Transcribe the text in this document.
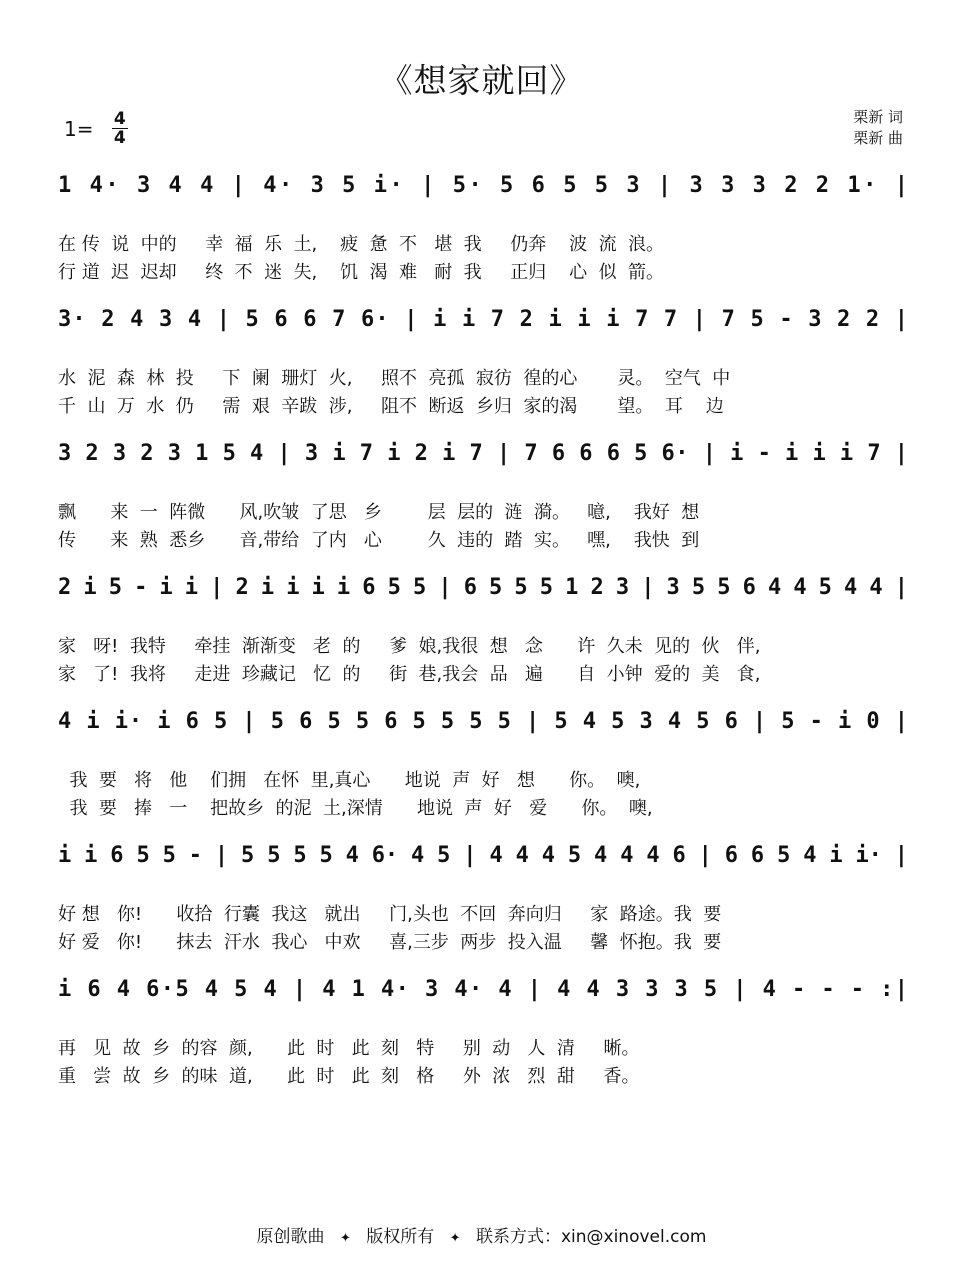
《想家就回》
$1= \frac{4}{4}$	栗新 词
栗新 曲
1 4· 3 4 4 | 4· 3 5 i· | 5· 5 6 5 5 3 | 3 3 3 2 2 1· |
在 传  说  中的     幸  福  乐  土,    疲  惫  不   堪  我     仍奔    波  流  浪。
行 道  迟  迟却     终  不  迷  失,    饥  渴  难   耐  我     正归    心  似  箭。
3· 2 4 3 4 | 5 6 6 7 6· | i i 7 2 i i i 7 7 | 7 5 - 3 2 2 |
水  泥  森  林  投     下  阑  珊灯  火,     照不  亮孤  寂彷  徨的心       灵。  空气  中
千  山  万  水  仍     需  艰  辛跋  涉,     阻不  断返  乡归  家的渴       望。  耳    边
3 2 3 2 3 1 5 4 | 3 i 7 i 2 i 7 | 7 6 6 6 5 6· | i - i i i 7 |
飘      来  一  阵微      风,吹皱  了思   乡        层  层的  涟  漪。   噫,    我好  想
传      来  熟  悉乡      音,带给  了内   心        久  违的  踏  实。   嘿,    我快  到
2 i 5 - i i | 2 i i i i 6 5 5 | 6 5 5 5 1 2 3 | 3 5 5 6 4 4 5 4 4 |
家   呀!  我特     牵挂  渐渐变   老  的     爹  娘,我很  想   念      许  久未  见的  伙   伴,
家   了!  我将     走进  珍藏记   忆  的     街  巷,我会  品   遍      自  小钟  爱的  美   食,
4 i i· i 6 5 | 5 6 5 5 6 5 5 5 5 | 5 4 5 3 4 5 6 | 5 - i 0 |
我  要   将   他    们拥   在怀  里,真心      地说  声  好   想      你。  噢,
我  要   捧   一    把故乡  的泥  土,深情      地说  声  好   爱      你。  噢,
i i 6 5 5 - | 5 5 5 5 4 6· 4 5 | 4 4 4 5 4 4 4 6 | 6 6 5 4 i i· |
好 想   你!      收拾  行囊  我这   就出     门,头也  不回  奔向归     家  路途。我  要
好 爱   你!      抹去  汗水  我心   中欢     喜,三步  两步  投入温     馨  怀抱。我  要
i 6 4 6·5 4 5 4 | 4 1 4· 3 4· 4 | 4 4 3 3 3 5 | 4 - - - :|
再   见  故  乡  的容  颜,      此  时   此  刻   特     别  动   人  清     晰。
重   尝  故  乡  的味  道,      此  时   此  刻   格     外  浓   烈  甜     香。
原创歌曲 ✦ 版权所有 ✦ 联系方式：xin@xinovel.com
